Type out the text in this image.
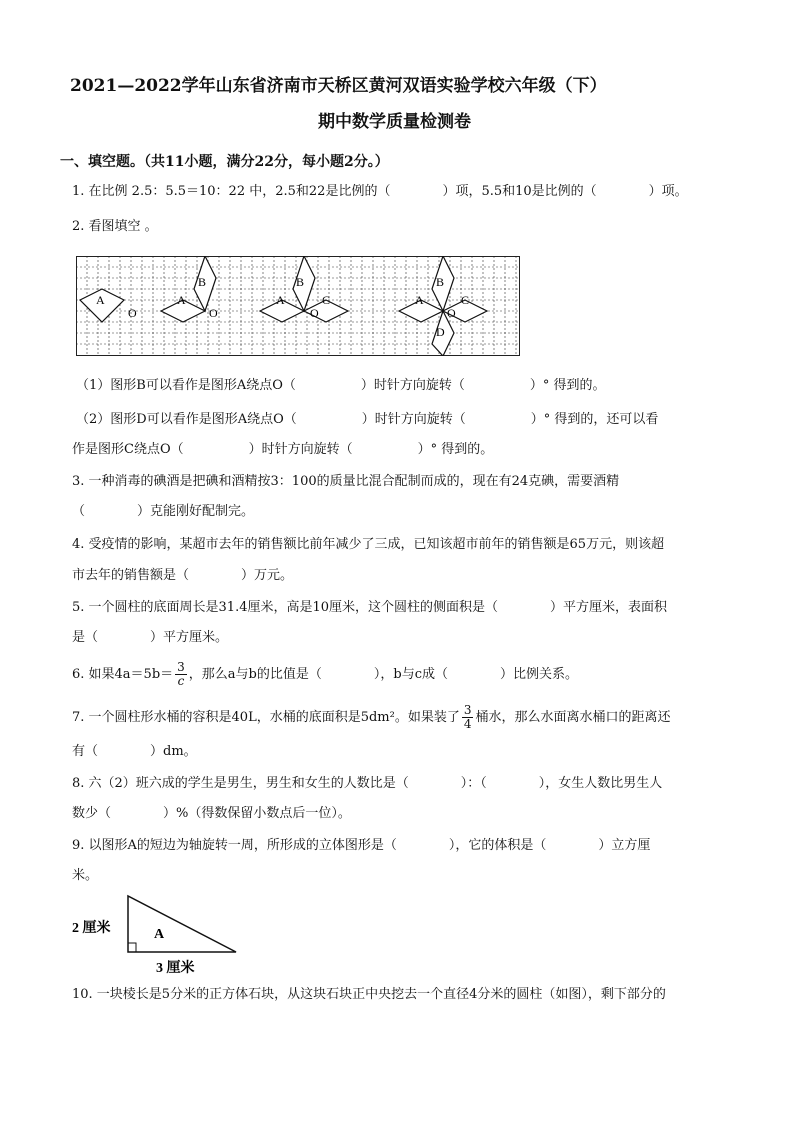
2021—2022学年山东省济南市天桥区黄河双语实验学校六年级（下）
期中数学质量检测卷
一、填空题。（共11小题，满分22分，每小题2分。）
1. 在比例 2.5：5.5＝10：22 中，2.5和22是比例的（　　　　）项，5.5和10是比例的（　　　　）项。
2. 看图填空 。
A
O
A
B
O
A
B
C
O
A
B
C
D
O
（1）图形B可以看作是图形A绕点O（　　　　　）时针方向旋转（　　　　　）° 得到的。
（2）图形D可以看作是图形A绕点O（　　　　　）时针方向旋转（　　　　　）° 得到的，还可以看
作是图形C绕点O（　　　　　）时针方向旋转（　　　　　）° 得到的。
3. 一种消毒的碘酒是把碘和酒精按3：100的质量比混合配制而成的，现在有24克碘，需要酒精
（　　　　）克能刚好配制完。
4. 受疫情的影响，某超市去年的销售额比前年减少了三成，已知该超市前年的销售额是65万元，则该超
市去年的销售额是（　　　　）万元。
5. 一个圆柱的底面周长是31.4厘米，高是10厘米，这个圆柱的侧面积是（　　　　）平方厘米，表面积
是（　　　　）平方厘米。
6. 如果$4a=5b= \frac{3}{c}$ ，那么a与b的比值是（　　　　），b与c成（　　　　）比例关系。
7. 一个圆柱形水桶的容积是40L，水桶的底面积是5dm²。如果装了 $\frac{3}{4}$ 桶水，那么水面离水桶口的距离还
有（　　　　）dm。
8. 六（2）班六成的学生是男生，男生和女生的人数比是（　　　　）：（　　　　），女生人数比男生人
数少（　　　　）%（得数保留小数点后一位）。
9. 以图形A的短边为轴旋转一周，所形成的立体图形是（　　　　），它的体积是（　　　　）立方厘
米。
A
2 厘米
3 厘米
10. 一块棱长是5分米的正方体石块，从这块石块正中央挖去一个直径4分米的圆柱（如图），剩下部分的
